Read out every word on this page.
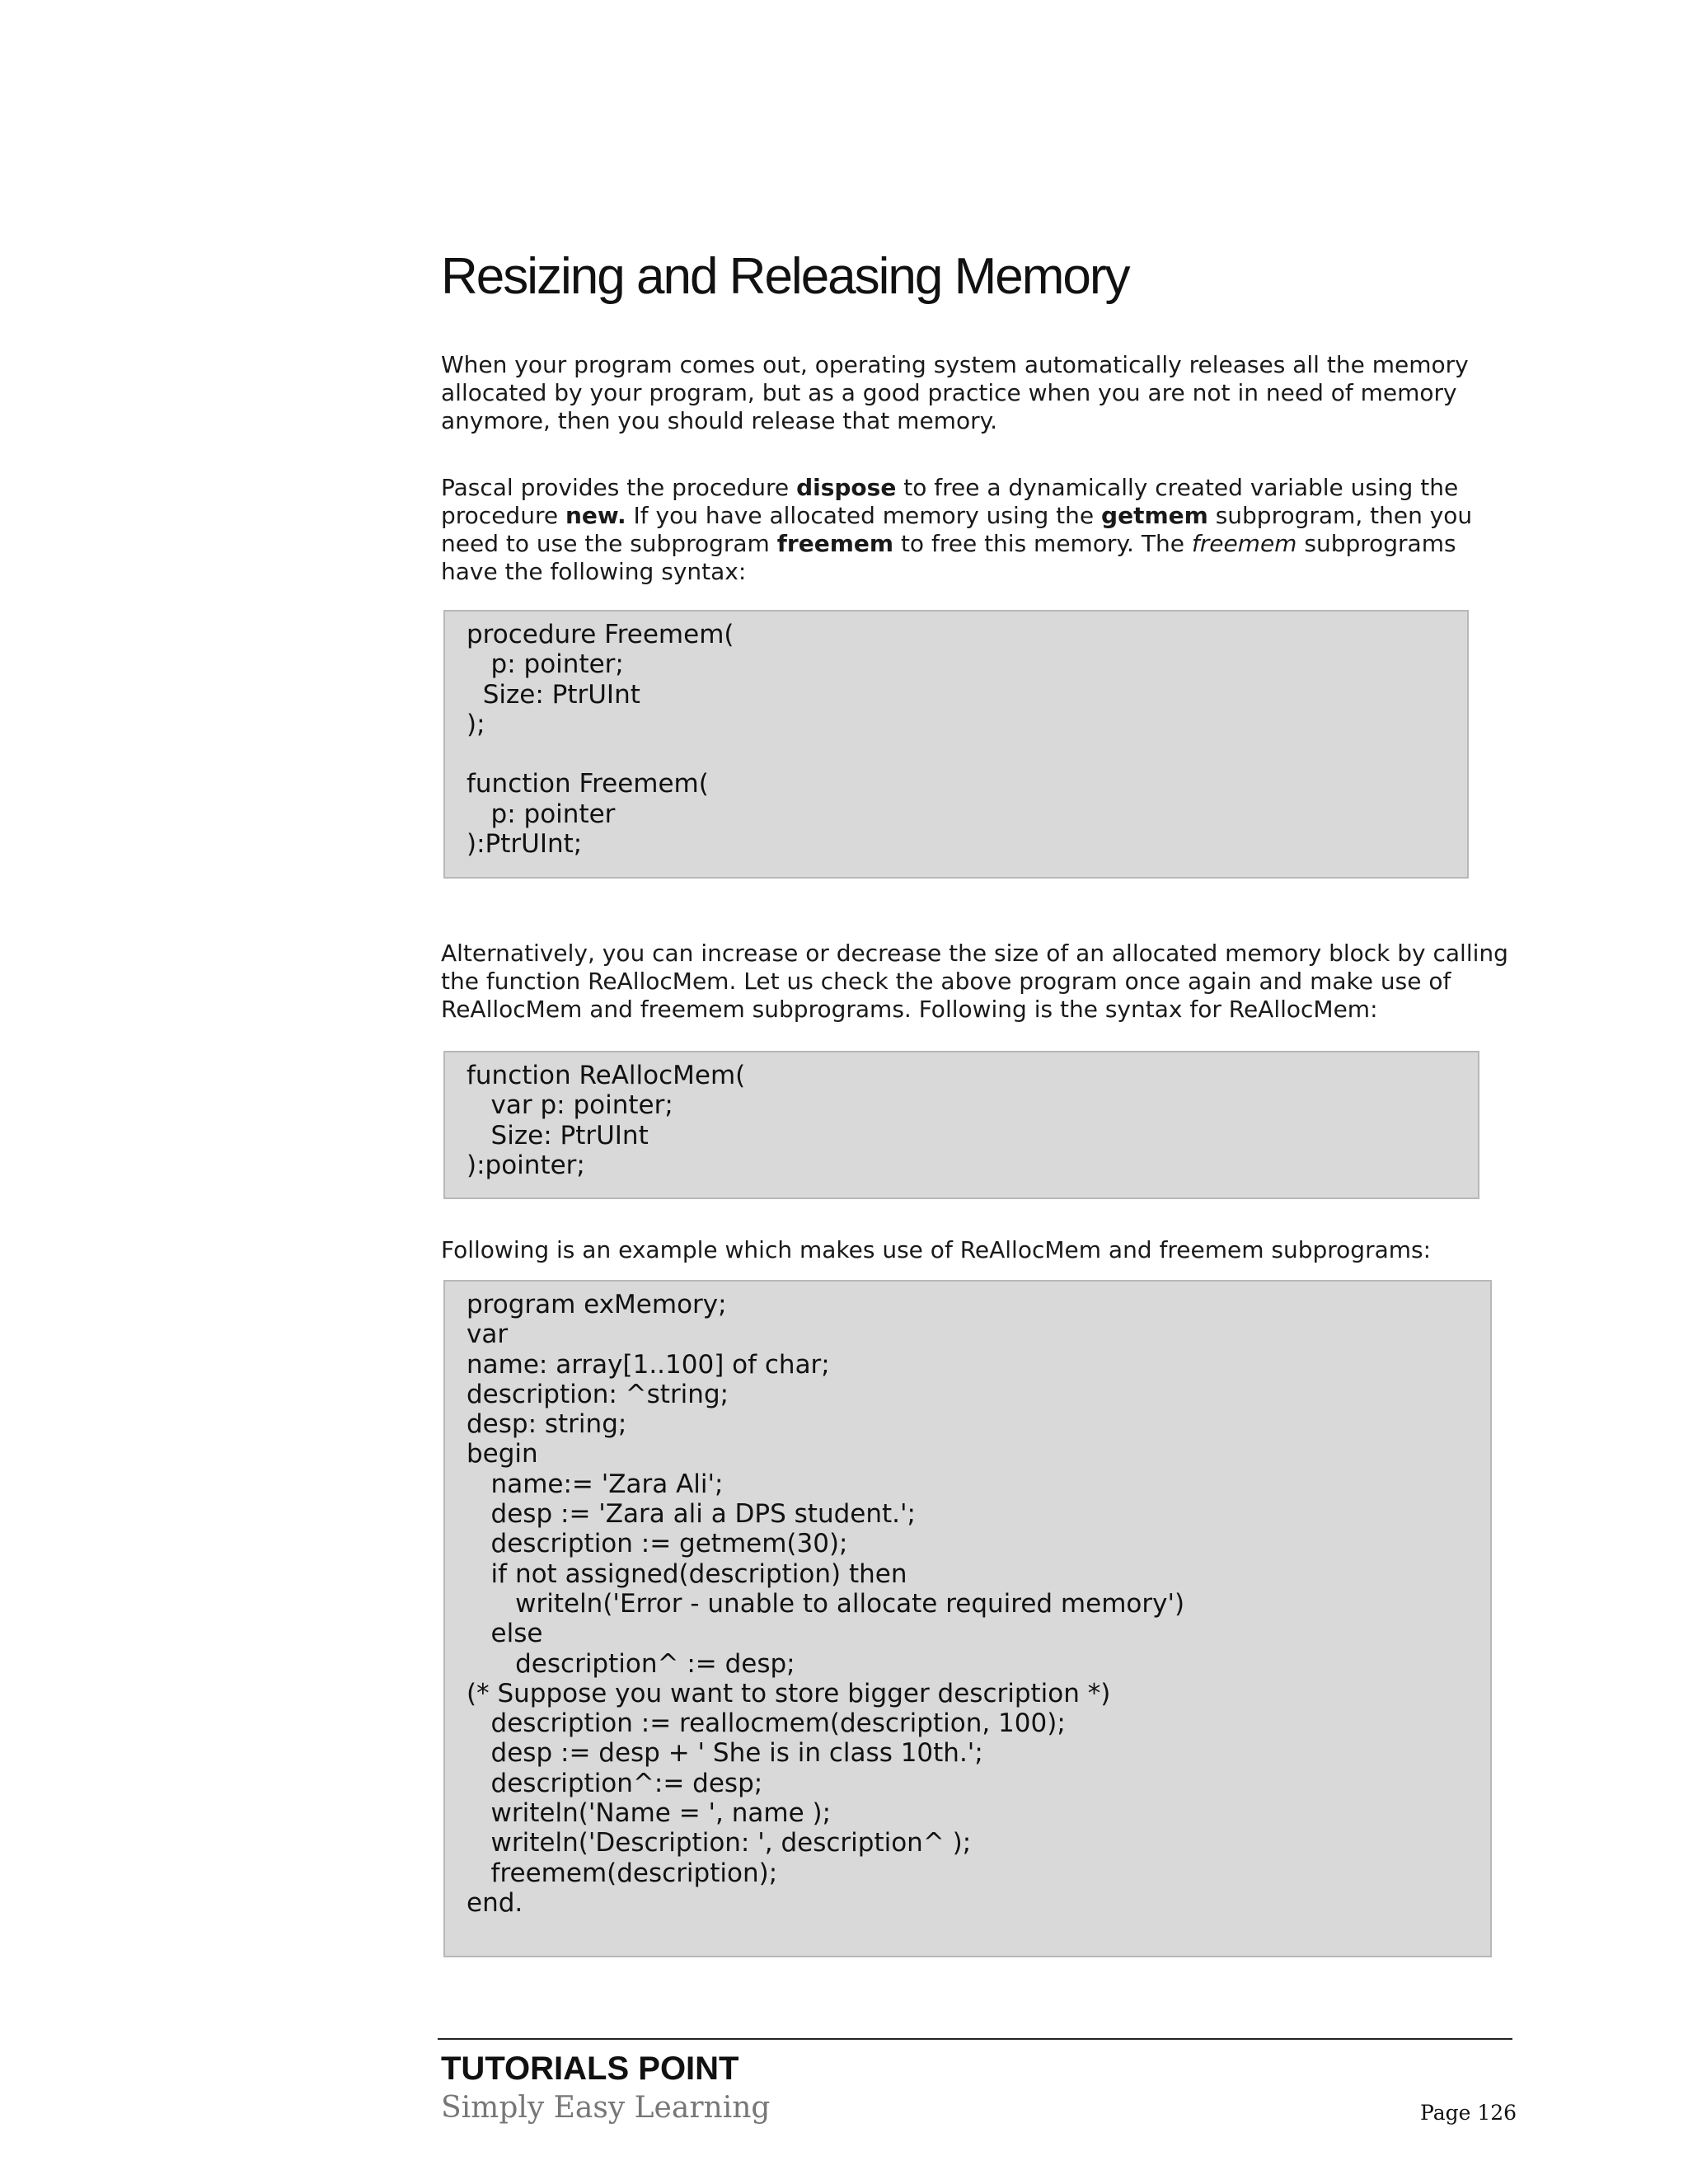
Resizing and Releasing Memory

When your program comes out, operating system automatically releases all the memory allocated by your program, but as a good practice when you are not in need of memory anymore, then you should release that memory.

Pascal provides the procedure dispose to free a dynamically created variable using the procedure new. If you have allocated memory using the getmem subprogram, then you need to use the subprogram freemem to free this memory. The freemem subprograms have the following syntax:

procedure Freemem(
p: pointer;
Size: PtrUInt
);

function Freemem(
p: pointer
):PtrUInt;

Alternatively, you can increase or decrease the size of an allocated memory block by calling the function ReAllocMem. Let us check the above program once again and make use of ReAllocMem and freemem subprograms. Following is the syntax for ReAllocMem:

function ReAllocMem(
var p: pointer;
Size: PtrUInt
):pointer;

Following is an example which makes use of ReAllocMem and freemem subprograms:

program exMemory;
var
name: array[1..100] of char;
description: ^string;
desp: string;
begin
name:= 'Zara Ali';
desp := 'Zara ali a DPS student.';
description := getmem(30);
if not assigned(description) then
writeln('Error - unable to allocate required memory')
else
description^ := desp;
(* Suppose you want to store bigger description *)
description := reallocmem(description, 100);
desp := desp + ' She is in class 10th.';
description^:= desp;
writeln('Name = ', name );
writeln('Description: ', description^ );
freemem(description);
end.
TUTORIALS POINT
Simply Easy Learning	Page 126
